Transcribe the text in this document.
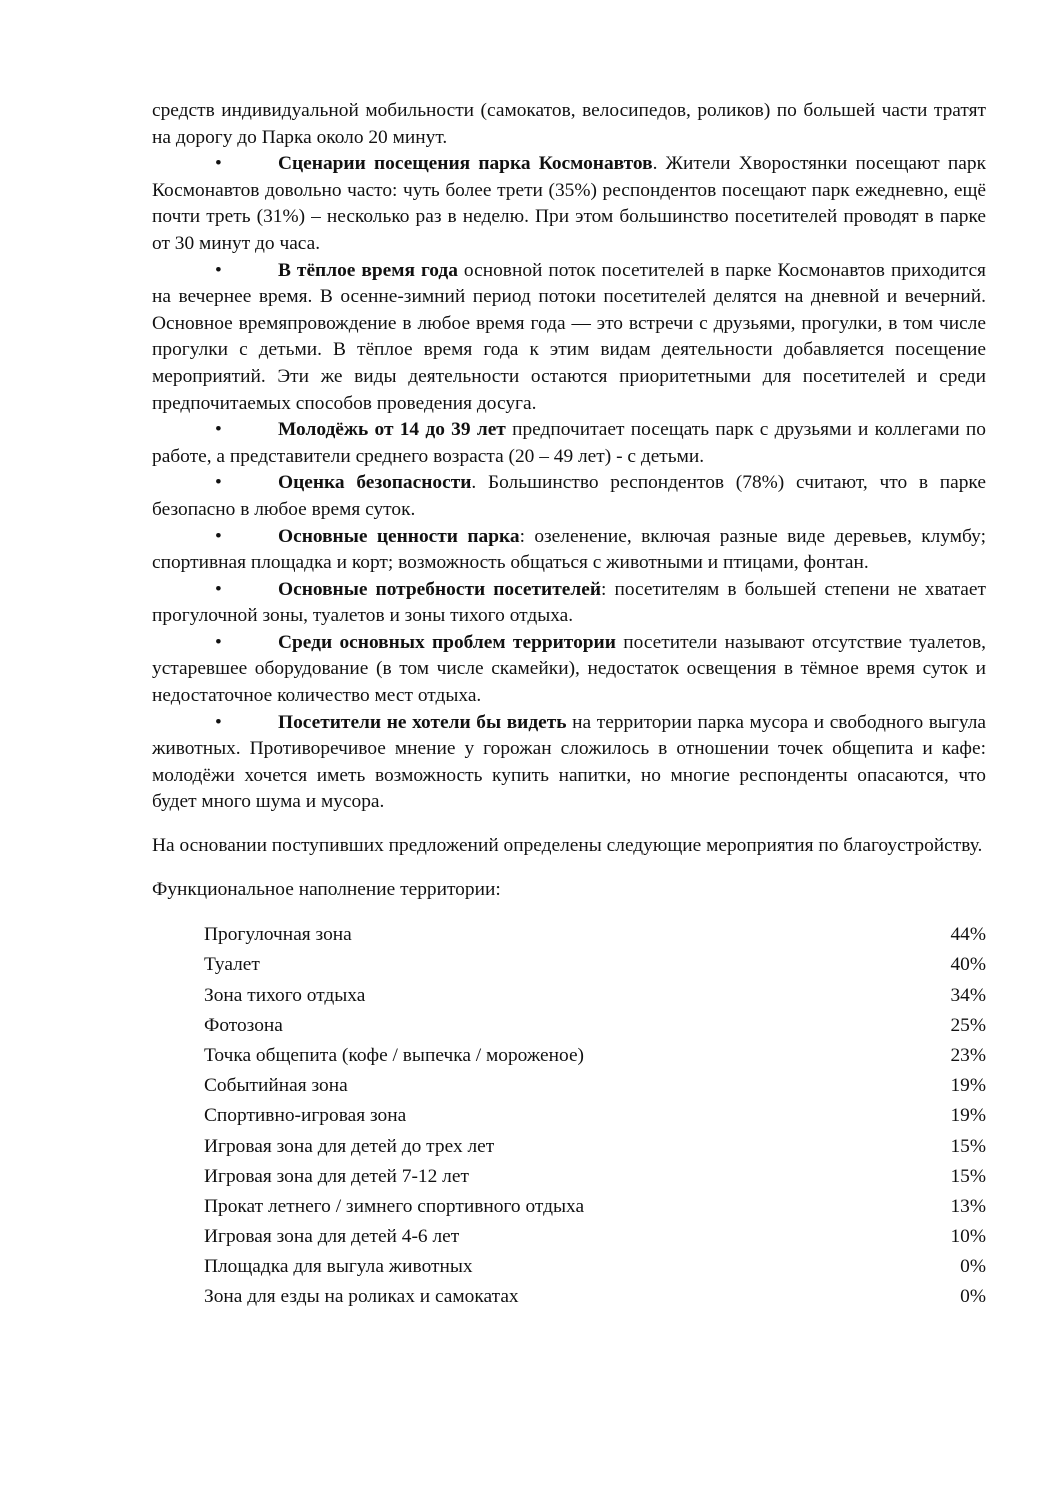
средств индивидуальной мобильности (самокатов, велосипедов, роликов) по большей части тратят на дорогу до Парка около 20 минут.

•	Сценарии посещения парка Космонавтов. Жители Хворостянки посещают парк Космонавтов довольно часто: чуть более трети (35%) респондентов посещают парк ежедневно, ещё почти треть (31%) – несколько раз в неделю. При этом большинство посетителей проводят в парке от 30 минут до часа.

•	В тёплое время года основной поток посетителей в парке Космонавтов приходится на вечернее время. В осенне-зимний период потоки посетителей делятся на дневной и вечерний. Основное времяпровождение в любое время года — это встречи с друзьями, прогулки, в том числе прогулки с детьми. В тёплое время года к этим видам деятельности добавляется посещение мероприятий. Эти же виды деятельности остаются приоритетными для посетителей и среди предпочитаемых способов проведения досуга.

•	Молодёжь от 14 до 39 лет предпочитает посещать парк с друзьями и коллегами по работе, а представители среднего возраста (20 – 49 лет) - с детьми.

•	Оценка безопасности. Большинство респондентов (78%) считают, что в парке безопасно в любое время суток.

•	Основные ценности парка: озеленение, включая разные виде деревьев, клумбу; спортивная площадка и корт; возможность общаться с животными и птицами, фонтан.

•	Основные потребности посетителей: посетителям в большей степени не хватает прогулочной зоны, туалетов и зоны тихого отдыха.

•	Среди основных проблем территории посетители называют отсутствие туалетов, устаревшее оборудование (в том числе скамейки), недостаток освещения в тёмное время суток и недостаточное количество мест отдыха.

•	Посетители не хотели бы видеть на территории парка мусора и свободного выгула животных. Противоречивое мнение у горожан сложилось в отношении точек общепита и кафе: молодёжи хочется иметь возможность купить напитки, но многие респонденты опасаются, что будет много шума и мусора.

На основании поступивших предложений определены следующие мероприятия по благоустройству.

Функциональное наполнение территории:

Прогулочная зона	44%
Туалет	40%
Зона тихого отдыха	34%
Фотозона	25%
Точка общепита (кофе / выпечка / мороженое)	23%
Событийная зона	19%
Спортивно-игровая зона	19%
Игровая зона для детей до трех лет	15%
Игровая зона для детей 7-12 лет	15%
Прокат летнего / зимнего спортивного отдыха	13%
Игровая зона для детей 4-6 лет	10%
Площадка для выгула животных	0%
Зона для езды на роликах и самокатах	0%
